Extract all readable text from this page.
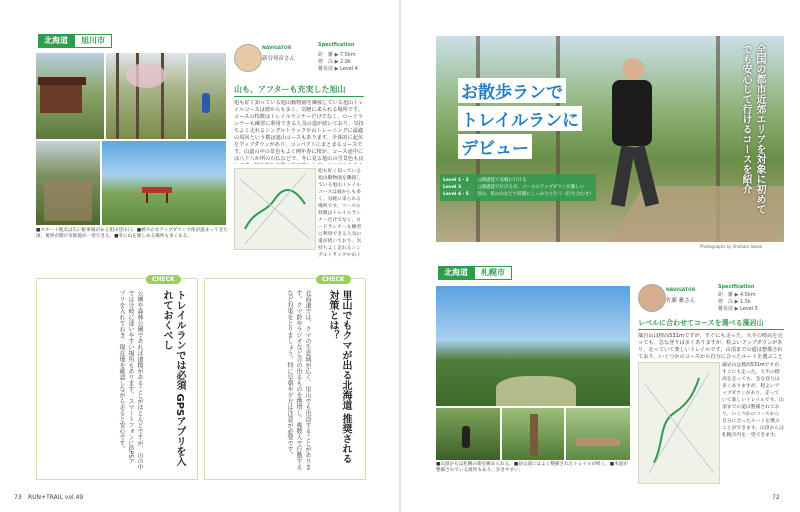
北海道	旭川市
■スタート地点は広い駐車場がある旭山登山口。■緩やかなアップダウンで体が温まってきた頃、視界が開け市街地が一望できる。■冬に山を楽しめる場所も多くある。
NAVIGATOR
新谷邦彦さん
Specification
距　離 ▶ 7.5km
標　高 ▶ 2.9k
難易度 ▶ Level.4
山も、アフターも充実した旭山
旭も好く知っている旭山動物園を隣接している旭山トレイルコースは彼からも多く、気軽に来られる場所です。コースの特徴はトレイルランナーだけでなく、ロードランナーも練習に利用できる人気の道が続いており、気持ちよく走れるシングルトラックや山トレーニングに最適の周回という横は旭山コースもあります。全体的に起伏をアップダウンがあり、コンパクトにまとまるコースです。山道の中の景色もよく例年春に桜が、コース途中には八十八か所の石仏などで、冬に見る旭山の雪景色も良
旭も好く知っている旭山動物園を隣接している旭山トレイルコースは彼からも多く、気軽に来られる場所です。コースの特徴はトレイルランナーだけでなく、ロードランナーも練習に利用できる人気の道が続いており、気持ちよく走れるシングルトラックや山ト
CHECK
トレイルランでは必須 GPSアプリを入れておくべし
公園や森林公園であれば道標があることがほとんどですが、山の中では分岐に迷いやすい場所もあります。スマートフォンにGPSアプリを入れておき、現在地を確認しながら走ると安心です。
CHECK
里山でもクマが出る北海道 推奨される対策とは？
北海道では、クマの生息域が広く、里山でも出没することがあります。クマ鈴やラジオなど音の出るものを携帯し、複数人で行動するなど対策をとりましょう。特に早朝や夕方は注意が必要です。
73 RUN+TRAIL vol.49
お散歩ランで
トレイルランに
デビュー	全国の都市近郊エリアを対象に初めてでも安心して行けるコースを紹介
Level 1・2	公園感覚で気軽に行ける
Level 3	公園感覚で行けるが、コースのアップダウンが激しい
Level 4・5	里山、坂の山などで装備にしっかりと行う（打ち合わせ）
Photographs by Shintaro Iwase
北海道	札幌市
■山頂からは札幌の街を眺められる。■登山道にはよく整備されたトレイルが続く。■木道が整備されている箇所もあり、歩きやすい。
NAVIGATOR
佐藤 雅さん
Specification
距　離 ▶ 4.5km
標　高 ▶ 1.5k
難易度 ▶ Level.5
レベルに合わせてコースを選べる藻岩山
藻岩山は標高531mですが、すぐにも走った、大半の標高を走っても、急な登りは多くありますが、程よいアップダウンがあり、走っていて楽しいトレイルです。山頂までの道は整備されており、いくつかのコースから自分に合ったルートを選ぶこと
藻岩山は標高531mですが、すぐにも走った、大半の標高を走っても、急な登りは多くありますが、程よいアップダウンがあり、走っていて楽しいトレイルです。山頂までの道は整備されており、いくつかのコースから自分に合ったルートを選ぶことができます。山頂からは札幌市内を一望できます。
72
